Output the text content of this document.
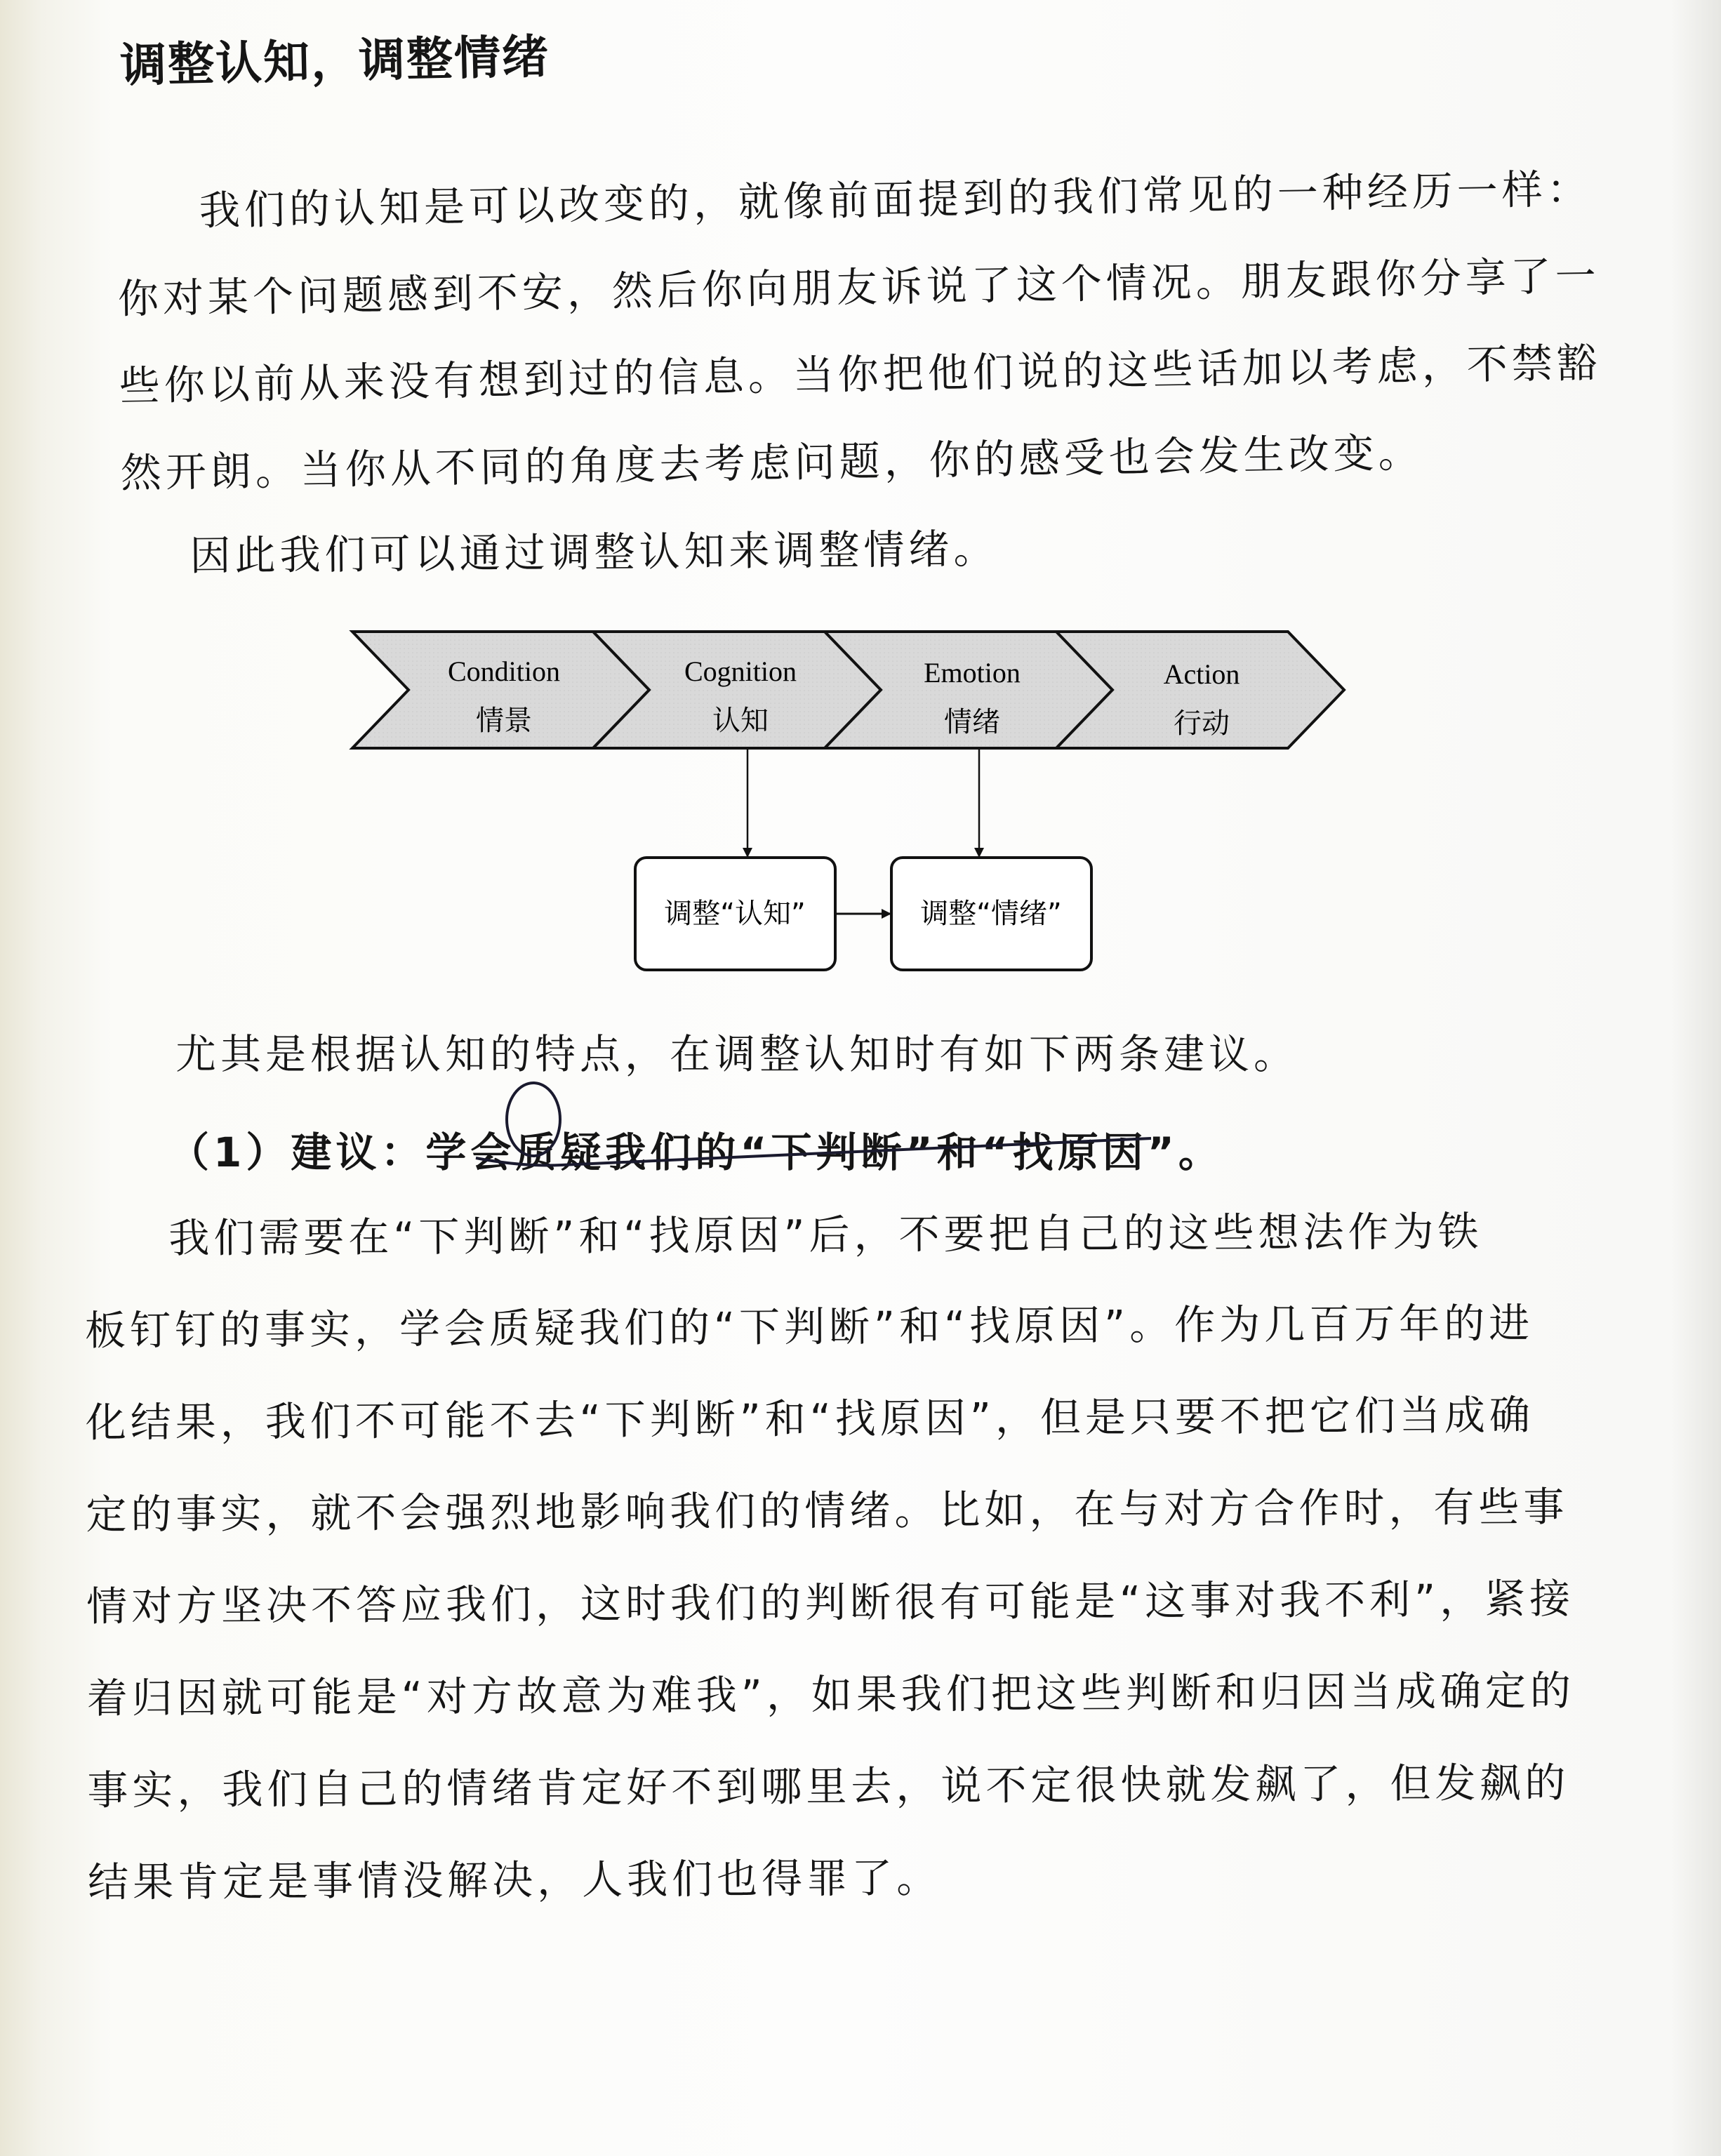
调整认知，调整情绪
我们的认知是可以改变的，就像前面提到的我们常见的一种经历一样：
你对某个问题感到不安，然后你向朋友诉说了这个情况。朋友跟你分享了一
些你以前从来没有想到过的信息。当你把他们说的这些话加以考虑，不禁豁
然开朗。当你从不同的角度去考虑问题，你的感受也会发生改变。
因此我们可以通过调整认知来调整情绪。
Condition
情景
Cognition
认知
Emotion
情绪
Action
行动
调整“认知”	调整“情绪”
尤其是根据认知的特点，在调整认知时有如下两条建议。
（1）建议：学会质疑我们的“下判断”和“找原因”。
我们需要在“下判断”和“找原因”后，不要把自己的这些想法作为铁
板钉钉的事实，学会质疑我们的“下判断”和“找原因”。作为几百万年的进
化结果，我们不可能不去“下判断”和“找原因”，但是只要不把它们当成确
定的事实，就不会强烈地影响我们的情绪。比如，在与对方合作时，有些事
情对方坚决不答应我们，这时我们的判断很有可能是“这事对我不利”，紧接
着归因就可能是“对方故意为难我”，如果我们把这些判断和归因当成确定的
事实，我们自己的情绪肯定好不到哪里去，说不定很快就发飙了，但发飙的
结果肯定是事情没解决，人我们也得罪了。
